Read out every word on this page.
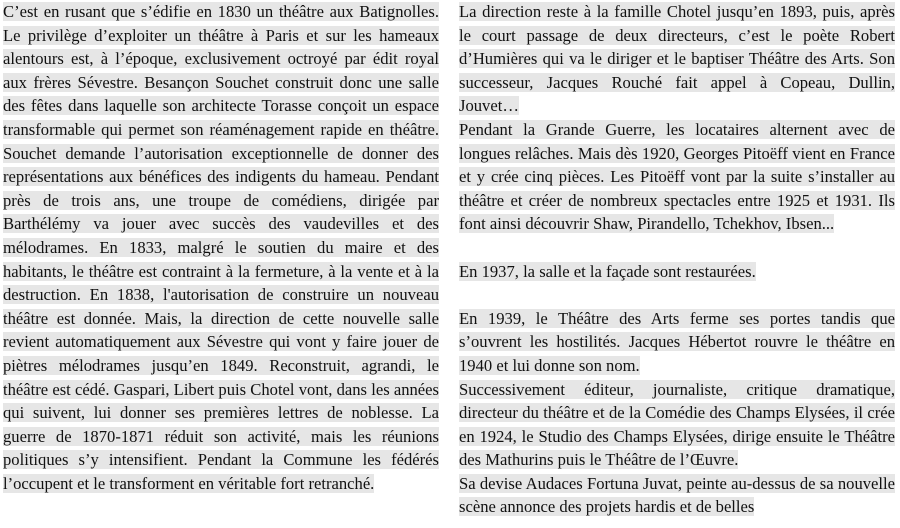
C’est en rusant que s’édifie en 1830 un théâtre aux Batignolles. Le privilège d’exploiter un théâtre à Paris et sur les hameaux alentours est, à l’époque, exclusivement octroyé par édit royal aux frères Sévestre. Besançon Souchet construit donc une salle des fêtes dans laquelle son architecte Torasse conçoit un espace transformable qui permet son réaménagement rapide en théâtre. Souchet demande l’autorisation exceptionnelle de donner des représentations aux bénéfices des indigents du hameau. Pendant près de trois ans, une troupe de comédiens, dirigée par Barthélémy va jouer avec succès des vaudevilles et des mélodrames. En 1833, malgré le soutien du maire et des habitants, le théâtre est contraint à la fermeture, à la vente et à la destruction. En 1838, l'autorisation de construire un nouveau théâtre est donnée. Mais, la direction de cette nouvelle salle revient automatiquement aux Sévestre qui vont y faire jouer de piètres mélodrames jusqu’en 1849. Reconstruit, agrandi, le théâtre est cédé. Gaspari, Libert puis Chotel vont, dans les années qui suivent, lui donner ses premières lettres de noblesse. La guerre de 1870-1871 réduit son activité, mais les réunions politiques s’y intensifient. Pendant la Commune les fédérés l’occupent et le transforment en véritable fort retranché.

La direction reste à la famille Chotel jusqu’en 1893, puis, après le court passage de deux directeurs, c’est le poète Robert d’Humières qui va le diriger et le baptiser Théâtre des Arts. Son successeur, Jacques Rouché fait appel à Copeau, Dullin, Jouvet…

Pendant la Grande Guerre, les locataires alternent avec de longues relâches. Mais dès 1920, Georges Pitoëff vient en France et y crée cinq pièces. Les Pitoëff vont par la suite s’installer au théâtre et créer de nombreux spectacles entre 1925 et 1931. Ils font ainsi découvrir Shaw, Pirandello, Tchekhov, Ibsen...

En 1937, la salle et la façade sont restaurées.

En 1939, le Théâtre des Arts ferme ses portes tandis que s’ouvrent les hostilités. Jacques Hébertot rouvre le théâtre en 1940 et lui donne son nom.

Successivement éditeur, journaliste, critique dramatique, directeur du théâtre et de la Comédie des Champs Elysées, il crée en 1924, le Studio des Champs Elysées, dirige ensuite le Théâtre des Mathurins puis le Théâtre de l’Œuvre.

Sa devise Audaces Fortuna Juvat, peinte au-dessus de sa nouvelle scène annonce des projets hardis et de belles
